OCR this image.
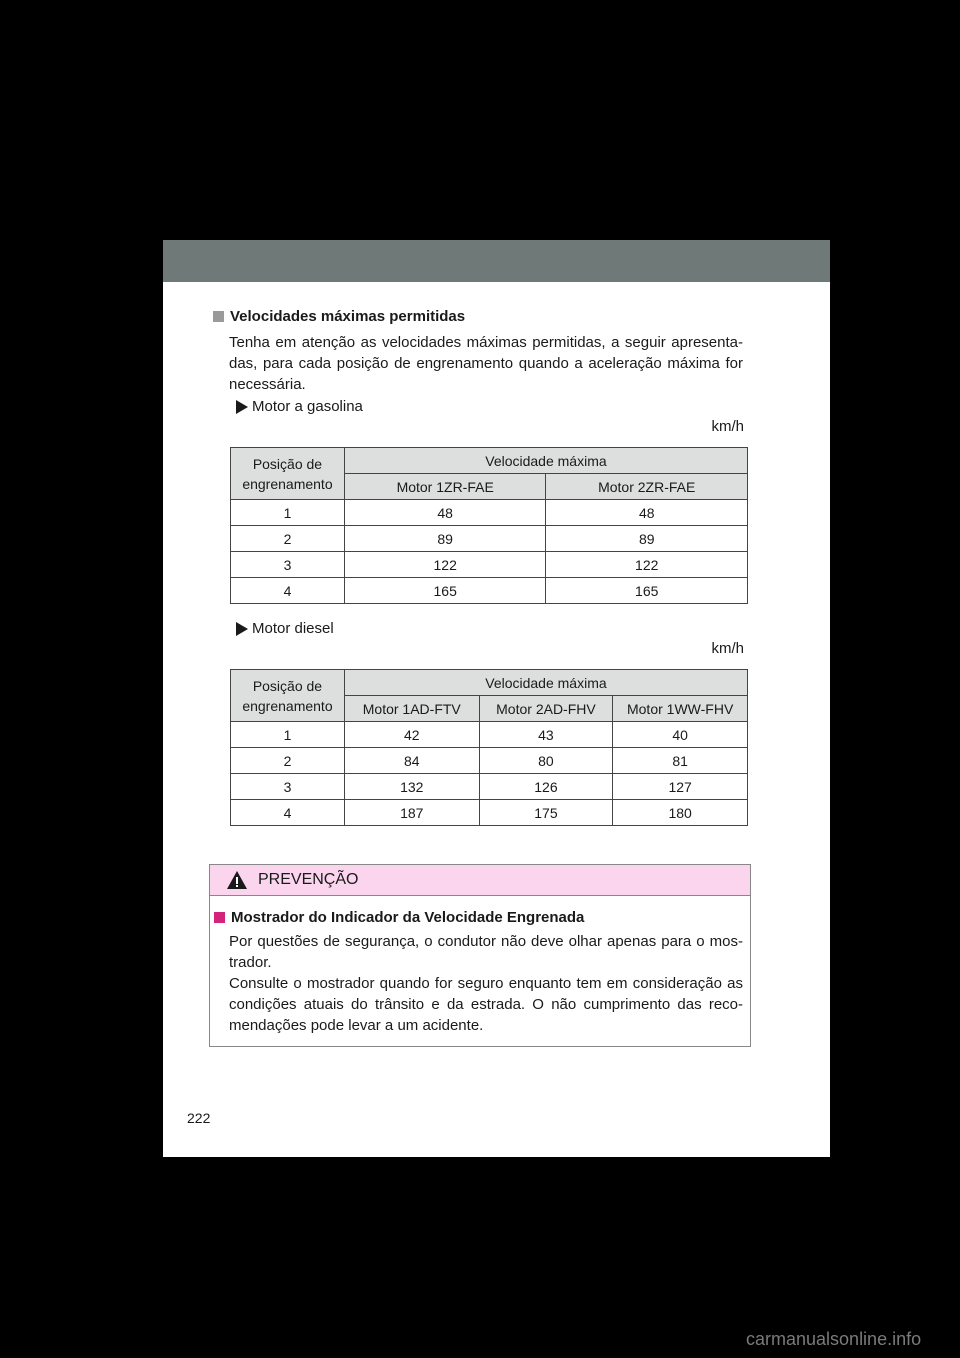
Velocidades máximas permitidas
Tenha em atenção as velocidades máximas permitidas, a seguir apresenta-das, para cada posição de engrenamento quando a aceleração máxima for necessária.
Motor a gasolina
km/h
Posição de engrenamento	Velocidade máxima	
	Motor 1ZR-FAE	Motor 2ZR-FAE
1	48	48
2	89	89
3	122	122
4	165	165
Motor diesel
km/h
Posição de engrenamento	Velocidade máxima		
	Motor 1AD-FTV	Motor 2AD-FHV	Motor 1WW-FHV
1	42	43	40
2	84	80	81
3	132	126	127
4	187	175	180
PREVENÇÃO
Mostrador do Indicador da Velocidade Engrenada
Por questões de segurança, o condutor não deve olhar apenas para o mos-trador.
Consulte o mostrador quando for seguro enquanto tem em consideração as condições atuais do trânsito e da estrada. O não cumprimento das reco-mendações pode levar a um acidente.
222
carmanualsonline.info
